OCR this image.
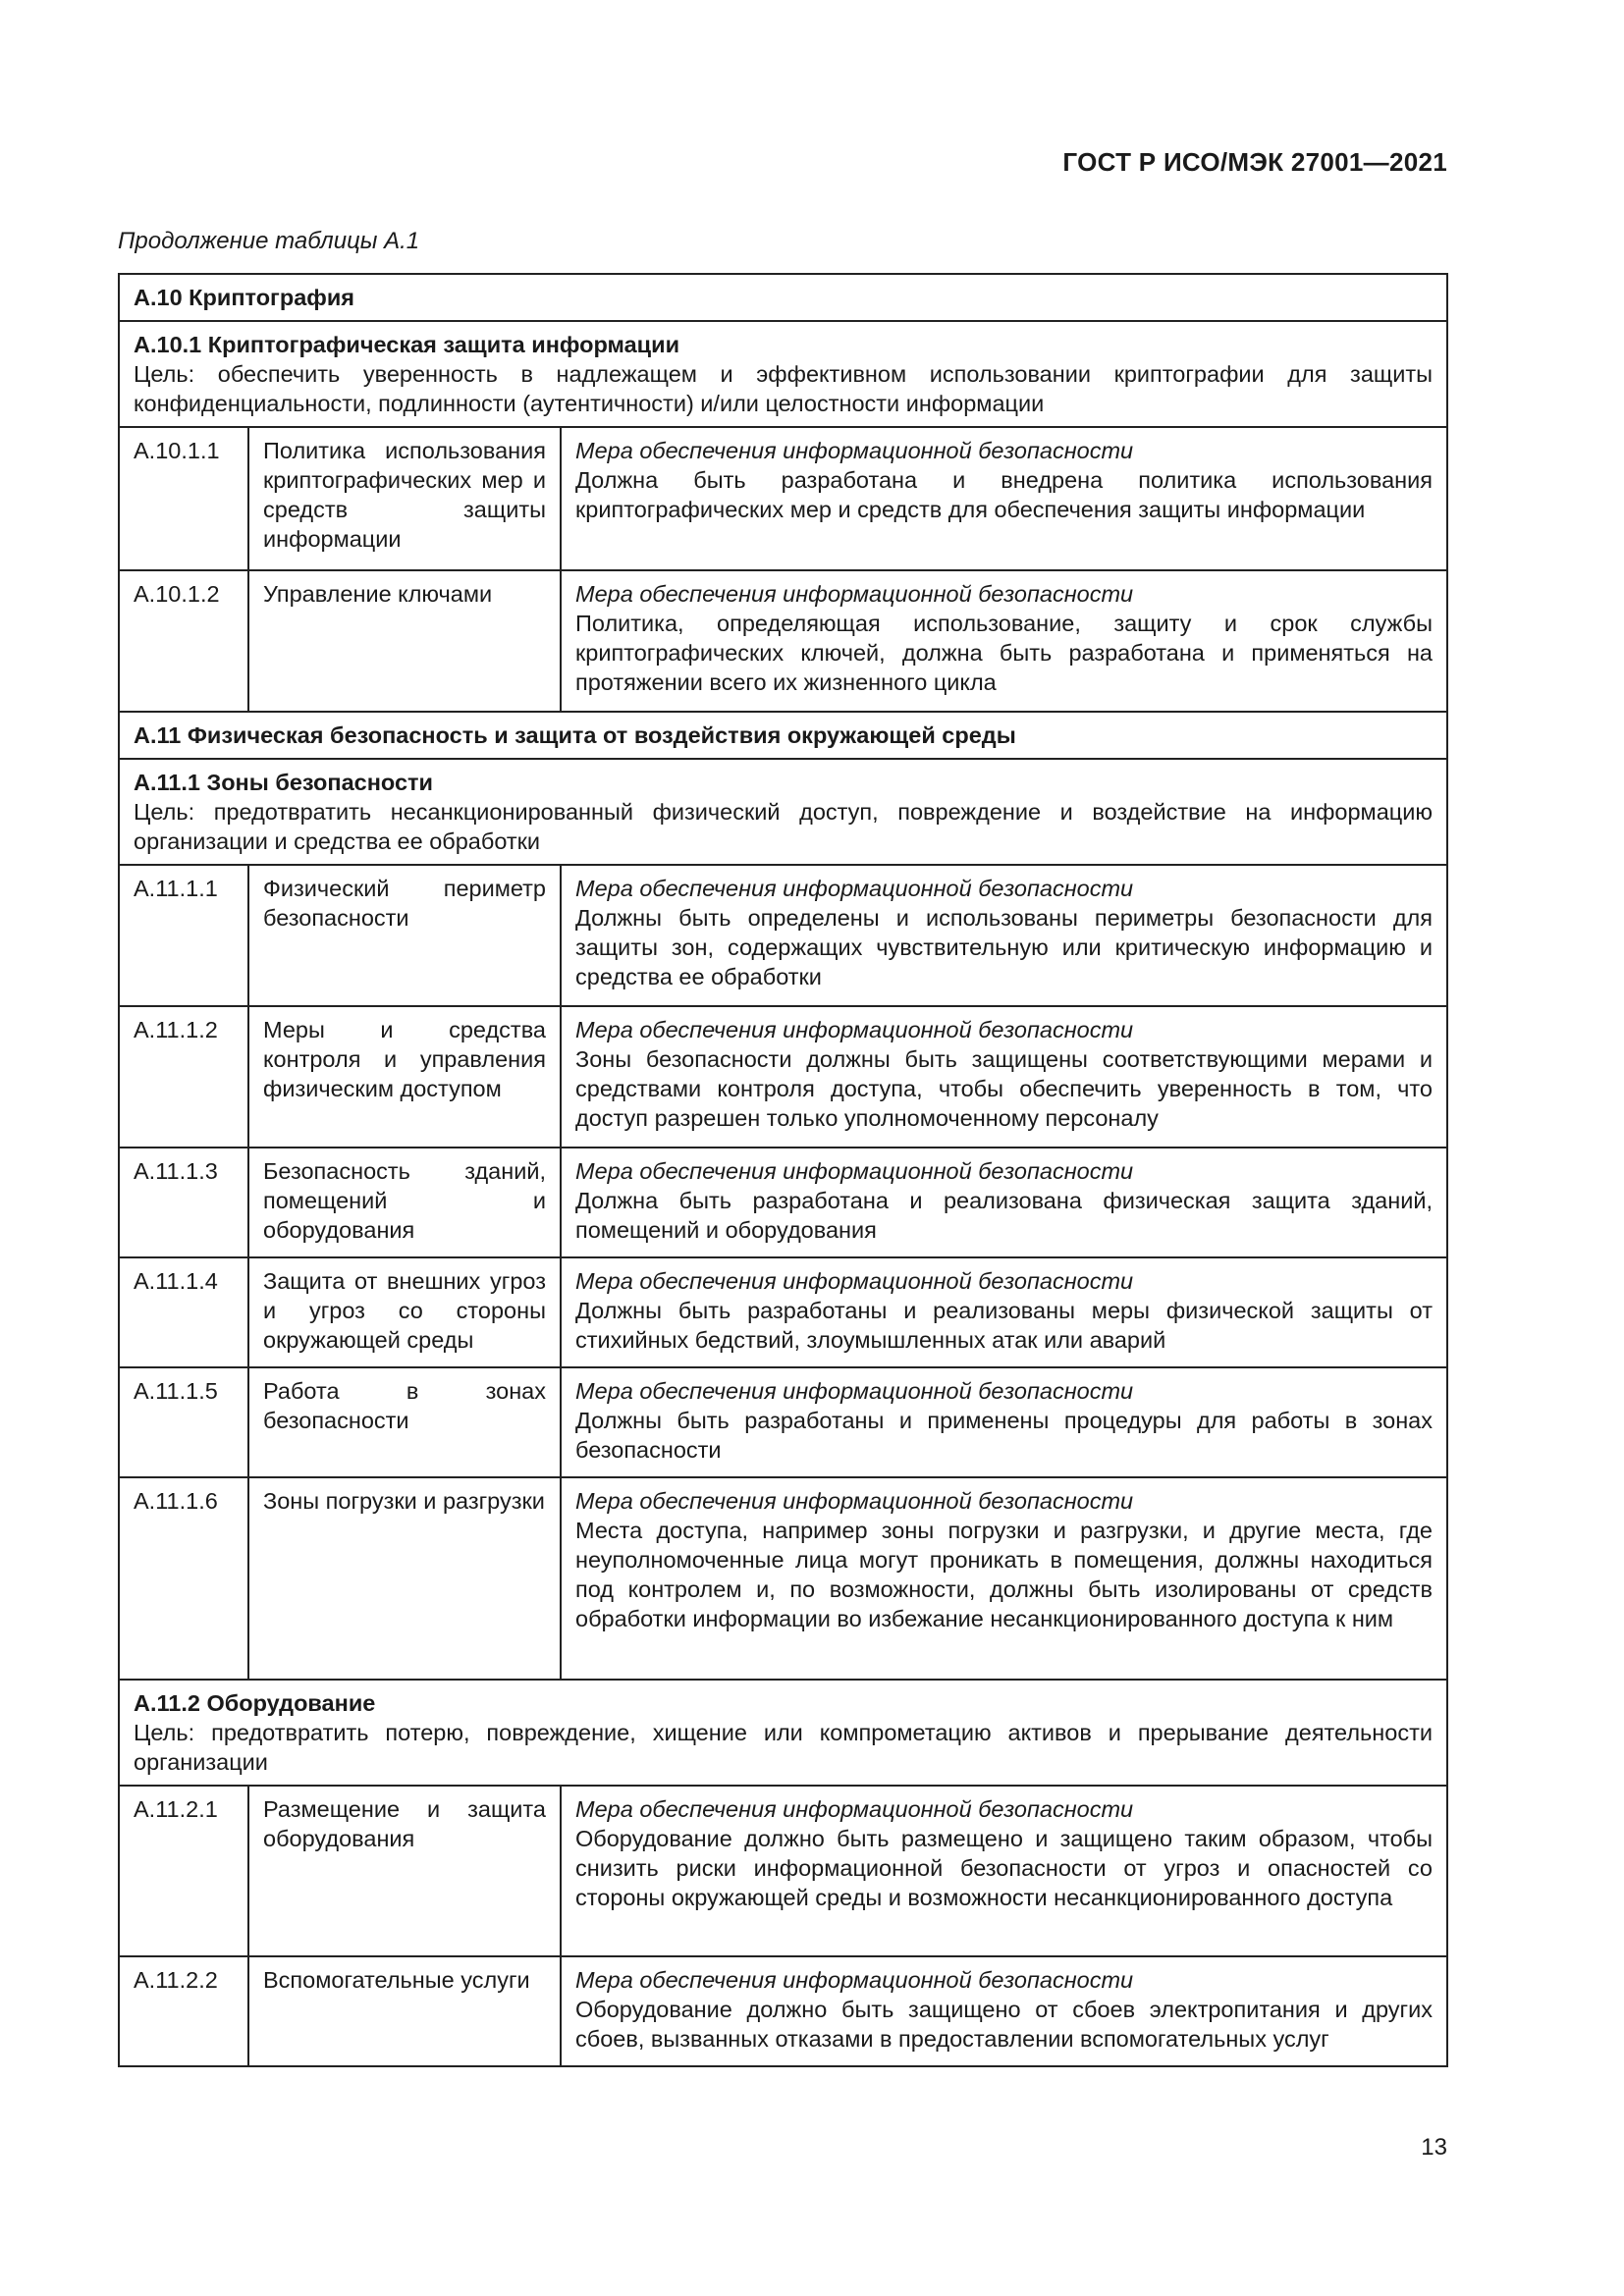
ГОСТ Р ИСО/МЭК 27001—2021
Продолжение таблицы А.1
А.10 Криптография		

А.10.1 Криптографическая защита информации
Цель: обеспечить уверенность в надлежащем и эффективном использовании криптографии для защиты конфиденциальности, подлинности (аутентичности) и/или целостности информации		

А.10.1.1	Политика использования криптографических мер и средств защиты информации	Мера обеспечения информационной безопасности
Должна быть разработана и внедрена политика использования криптографических мер и средств для обеспечения защиты информации

А.10.1.2	Управление ключами	Мера обеспечения информационной безопасности
Политика, определяющая использование, защиту и срок службы криптографических ключей, должна быть разработана и применяться на протяжении всего их жизненного цикла

А.11 Физическая безопасность и защита от воздействия окружающей среды		

А.11.1 Зоны безопасности
Цель: предотвратить несанкционированный физический доступ, повреждение и воздействие на информацию организации и средства ее обработки		

А.11.1.1	Физический периметр безопасности	Мера обеспечения информационной безопасности
Должны быть определены и использованы периметры безопасности для защиты зон, содержащих чувствительную или критическую информацию и средства ее обработки

А.11.1.2	Меры и средства контроля и управления физическим доступом	Мера обеспечения информационной безопасности
Зоны безопасности должны быть защищены соответствующими мерами и средствами контроля доступа, чтобы обеспечить уверенность в том, что доступ разрешен только уполномоченному персоналу

А.11.1.3	Безопасность зданий, помещений и оборудования	Мера обеспечения информационной безопасности
Должна быть разработана и реализована физическая защита зданий, помещений и оборудования

А.11.1.4	Защита от внешних угроз и угроз со стороны окружающей среды	Мера обеспечения информационной безопасности
Должны быть разработаны и реализованы меры физической защиты от стихийных бедствий, злоумышленных атак или аварий

А.11.1.5	Работа в зонах безопасности	Мера обеспечения информационной безопасности
Должны быть разработаны и применены процедуры для работы в зонах безопасности

А.11.1.6	Зоны погрузки и разгрузки	Мера обеспечения информационной безопасности
Места доступа, например зоны погрузки и разгрузки, и другие места, где неуполномоченные лица могут проникать в помещения, должны находиться под контролем и, по возможности, должны быть изолированы от средств обработки информации во избежание несанкционированного доступа к ним

А.11.2 Оборудование
Цель: предотвратить потерю, повреждение, хищение или компрометацию активов и прерывание деятельности организации		

А.11.2.1	Размещение и защита оборудования	Мера обеспечения информационной безопасности
Оборудование должно быть размещено и защищено таким образом, чтобы снизить риски информационной безопасности от угроз и опасностей со стороны окружающей среды и возможности несанкционированного доступа

А.11.2.2	Вспомогательные услуги	Мера обеспечения информационной безопасности
Оборудование должно быть защищено от сбоев электропитания и других сбоев, вызванных отказами в предоставлении вспомогательных услуг
13
